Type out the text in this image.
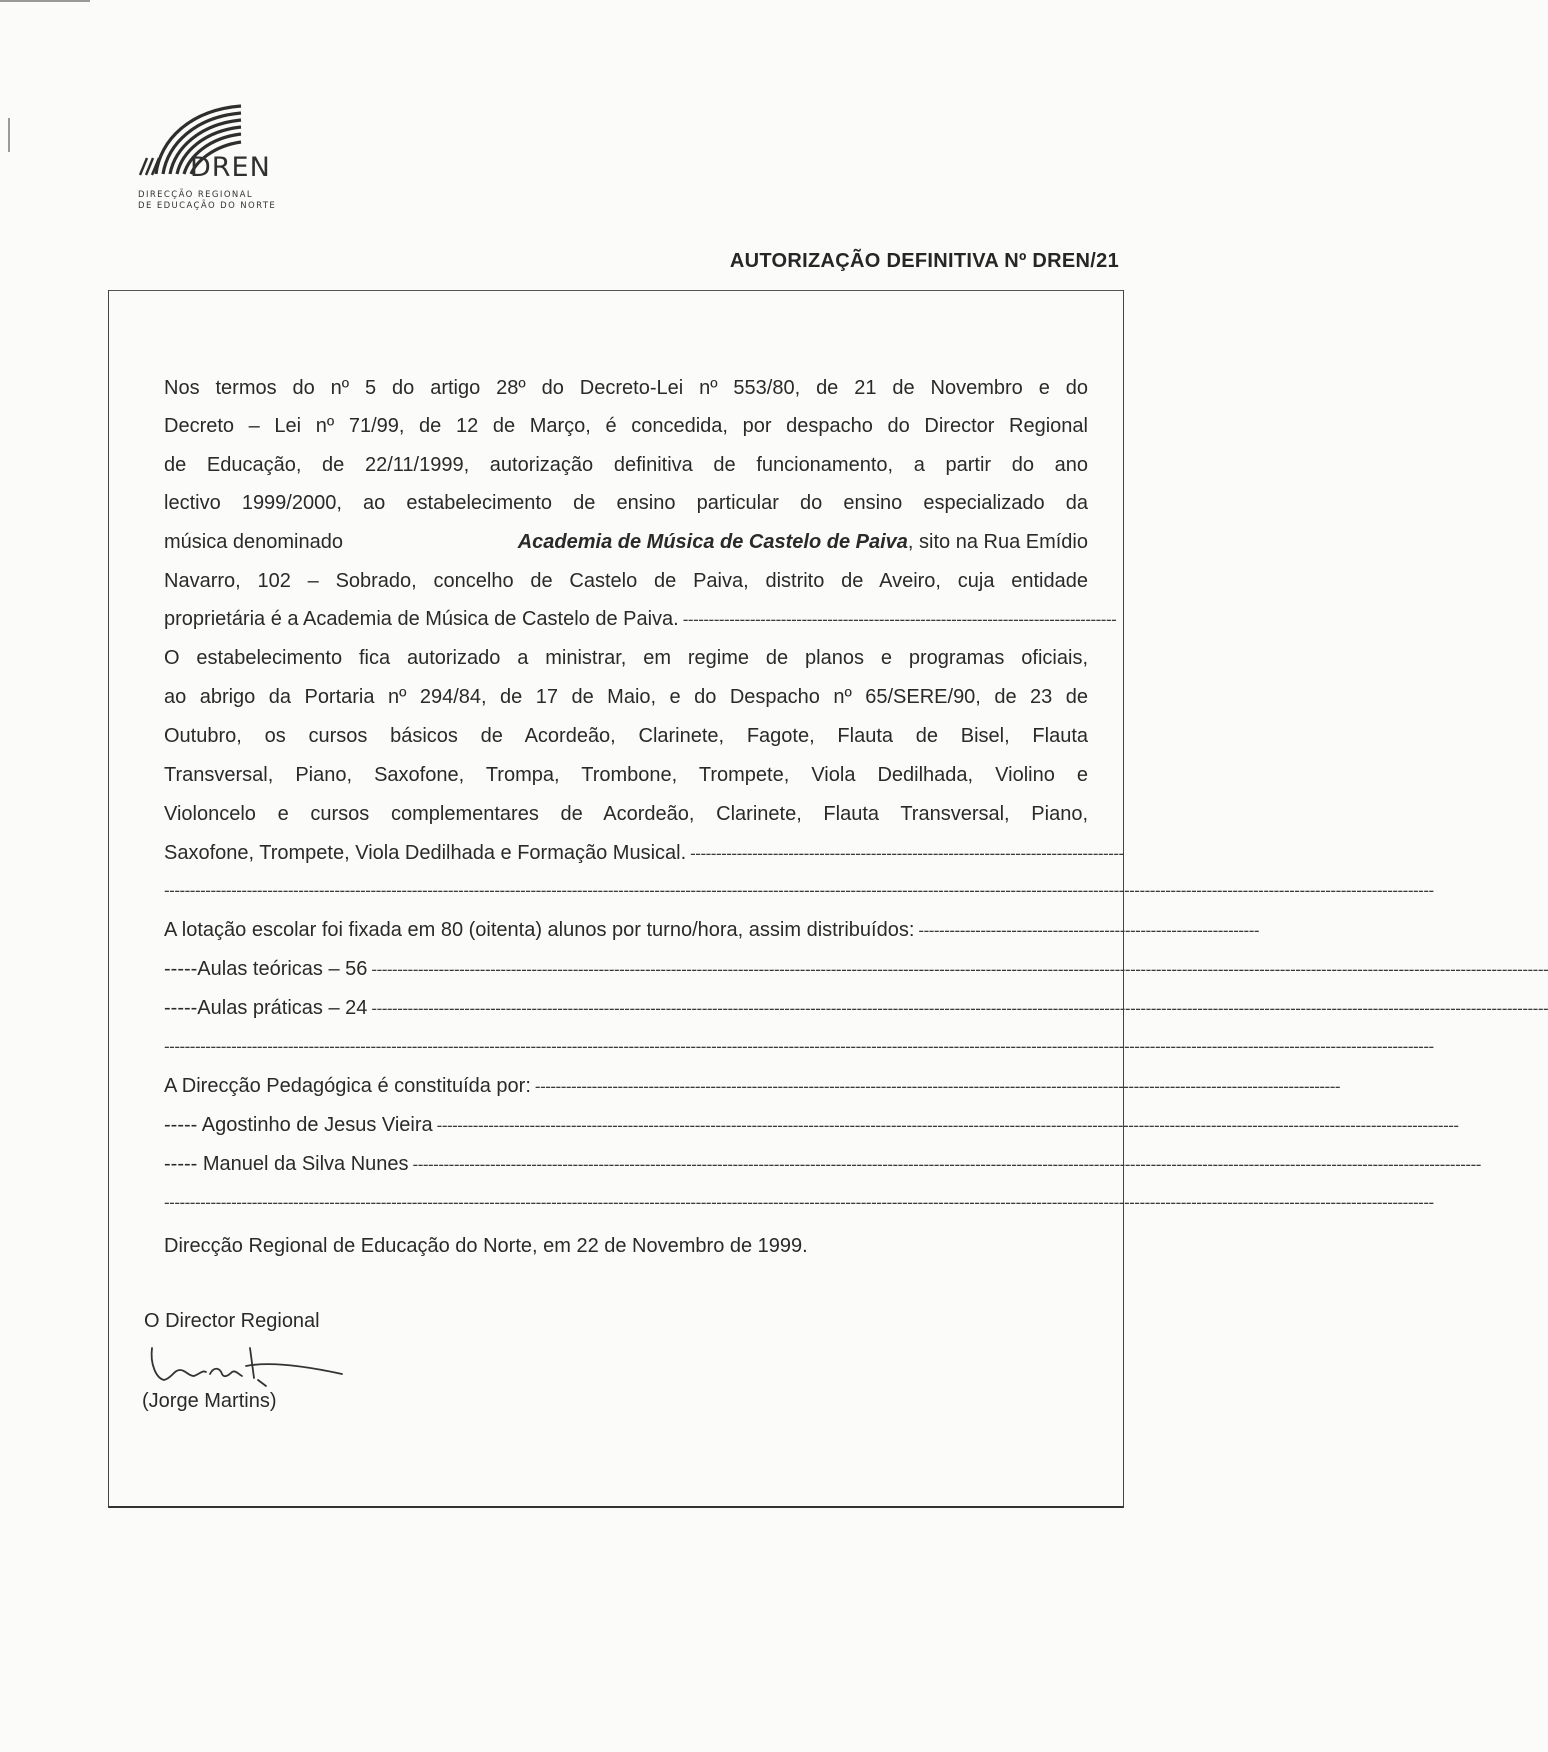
DREN
DIRECÇÃO REGIONAL
DE EDUCAÇÃO DO NORTE
AUTORIZAÇÃO DEFINITIVA Nº DREN/21
Nos termos do nº 5 do artigo 28º do Decreto-Lei nº 553/80, de 21 de Novembro e do
Decreto – Lei nº 71/99, de 12 de Março, é concedida, por despacho do Director Regional
de Educação, de 22/11/1999, autorização definitiva de funcionamento, a partir do ano
lectivo 1999/2000, ao estabelecimento de ensino particular do ensino especializado da
música denominado	Academia de Música de Castelo de Paiva, sito na Rua Emídio
Navarro, 102 – Sobrado, concelho de Castelo de Paiva, distrito de Aveiro, cuja entidade
proprietária é a Academia de Música de Castelo de Paiva. ------------------------------------------------------------------------------------
O estabelecimento fica autorizado a ministrar, em regime de planos e programas oficiais,
ao abrigo da Portaria nº 294/84, de 17 de Maio, e do Despacho nº 65/SERE/90, de 23 de
Outubro, os cursos básicos de Acordeão, Clarinete, Fagote, Flauta de Bisel, Flauta
Transversal, Piano, Saxofone, Trompa, Trombone, Trompete, Viola Dedilhada, Violino e
Violoncelo e cursos complementares de Acordeão, Clarinete, Flauta Transversal, Piano,
Saxofone, Trompete, Viola Dedilhada e Formação Musical. ------------------------------------------------------------------------------------
------------------------------------------------------------------------------------------------------------------------------------------------------------------------------------------------------------------------------------------------------
A lotação escolar foi fixada em 80 (oitenta) alunos por turno/hora, assim distribuídos: ------------------------------------------------------------------
-----Aulas teóricas – 56 ------------------------------------------------------------------------------------------------------------------------------------------------------------------------------------------------------------------------------------
-----Aulas práticas – 24 ------------------------------------------------------------------------------------------------------------------------------------------------------------------------------------------------------------------------------------
------------------------------------------------------------------------------------------------------------------------------------------------------------------------------------------------------------------------------------------------------
A Direcção Pedagógica é constituída por: ------------------------------------------------------------------------------------------------------------------------------------------------------------
----- Agostinho de Jesus Vieira ------------------------------------------------------------------------------------------------------------------------------------------------------------------------------------------------------
----- Manuel da Silva Nunes ---------------------------------------------------------------------------------------------------------------------------------------------------------------------------------------------------------------
------------------------------------------------------------------------------------------------------------------------------------------------------------------------------------------------------------------------------------------------------
Direcção Regional de Educação do Norte, em 22 de Novembro de 1999.
O Director Regional
(Jorge Martins)
